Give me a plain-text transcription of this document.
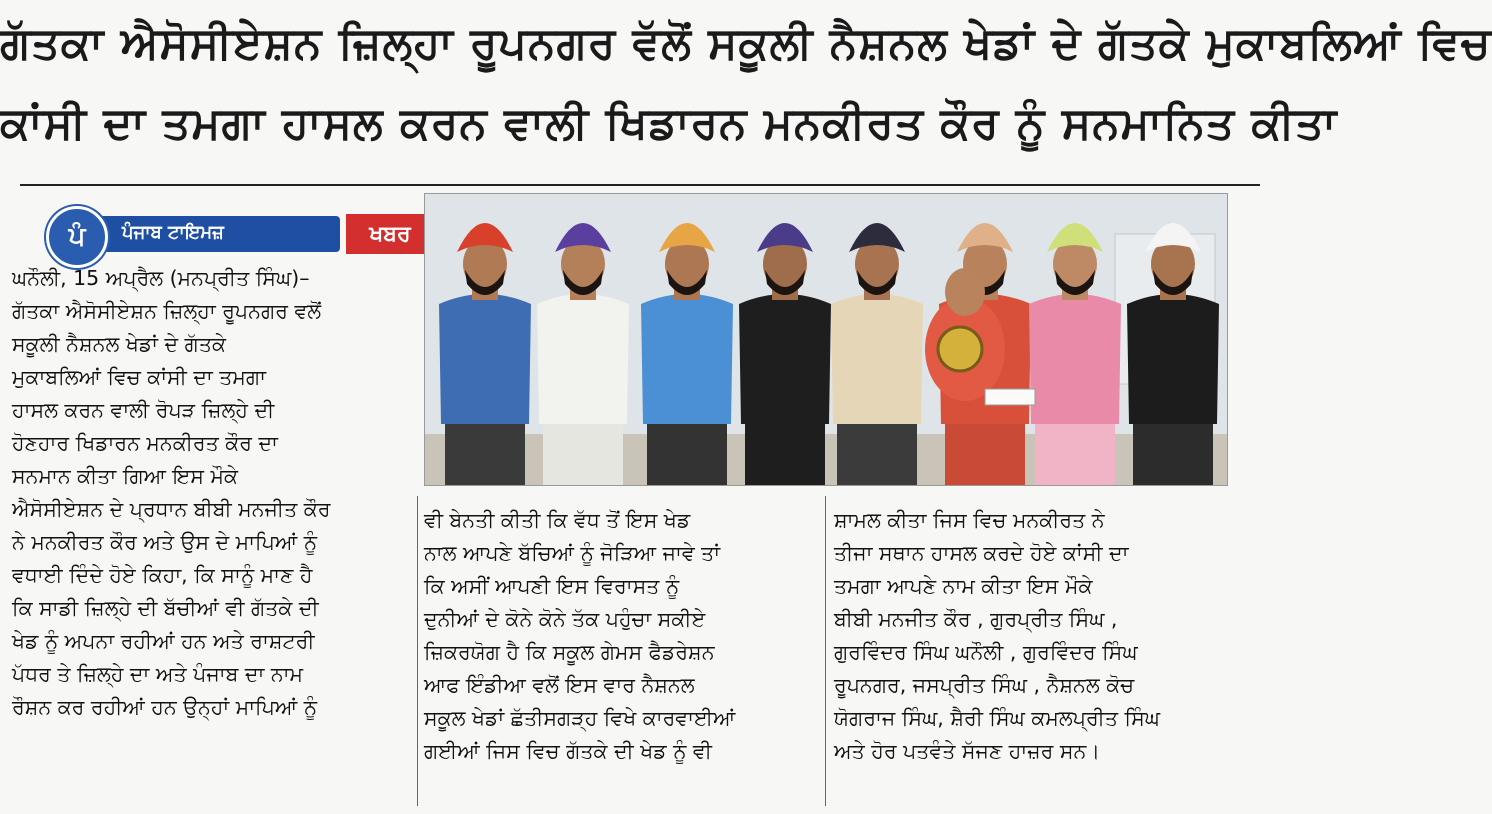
ਗੱਤਕਾ ਐਸੋਸੀਏਸ਼ਨ ਜ਼ਿਲ੍ਹਾ ਰੂਪਨਗਰ ਵੱਲੋਂ ਸਕੂਲੀ ਨੈਸ਼ਨਲ ਖੇਡਾਂ ਦੇ ਗੱਤਕੇ ਮੁਕਾਬਲਿਆਂ ਵਿਚ
ਕਾਂਸੀ ਦਾ ਤਮਗਾ ਹਾਸਲ ਕਰਨ ਵਾਲੀ ਖਿਡਾਰਨ ਮਨਕੀਰਤ ਕੌਰ ਨੂੰ ਸਨਮਾਨਿਤ ਕੀਤਾ
ਪੰਜਾਬ ਟਾਇਮਜ਼
ਪੰ	ਖਬਰ

ਘਨੌਲੀ, 15 ਅਪ੍ਰੈਲ (ਮਨਪ੍ਰੀਤ ਸਿੰਘ)–

ਗੱਤਕਾ ਐਸੋਸੀਏਸ਼ਨ ਜ਼ਿਲ੍ਹਾ ਰੂਪਨਗਰ ਵਲੋਂ

ਸਕੂਲੀ ਨੈਸ਼ਨਲ ਖੇਡਾਂ ਦੇ ਗੱਤਕੇ

ਮੁਕਾਬਲਿਆਂ ਵਿਚ ਕਾਂਸੀ ਦਾ ਤਮਗਾ

ਹਾਸਲ ਕਰਨ ਵਾਲੀ ਰੋਪੜ ਜ਼ਿਲ੍ਹੇ ਦੀ

ਹੋਣਹਾਰ ਖਿਡਾਰਨ ਮਨਕੀਰਤ ਕੌਰ ਦਾ

ਸਨਮਾਨ ਕੀਤਾ ਗਿਆ ਇਸ ਮੌਕੇ

ਐਸੋਸੀਏਸ਼ਨ ਦੇ ਪ੍ਰਧਾਨ ਬੀਬੀ ਮਨਜੀਤ ਕੌਰ

ਨੇ ਮਨਕੀਰਤ ਕੌਰ ਅਤੇ ਉਸ ਦੇ ਮਾਪਿਆਂ ਨੂੰ

ਵਧਾਈ ਦਿੰਦੇ ਹੋਏ ਕਿਹਾ, ਕਿ ਸਾਨੂੰ ਮਾਣ ਹੈ

ਕਿ ਸਾਡੀ ਜ਼ਿਲ੍ਹੇ ਦੀ ਬੱਚੀਆਂ ਵੀ ਗੱਤਕੇ ਦੀ

ਖੇਡ ਨੂੰ ਅਪਨਾ ਰਹੀਆਂ ਹਨ ਅਤੇ ਰਾਸ਼ਟਰੀ

ਪੱਧਰ ਤੇ ਜ਼ਿਲ੍ਹੇ ਦਾ ਅਤੇ ਪੰਜਾਬ ਦਾ ਨਾਮ

ਰੌਸ਼ਨ ਕਰ ਰਹੀਆਂ ਹਨ ਉਨ੍ਹਾਂ ਮਾਪਿਆਂ ਨੂੰ

ਵੀ ਬੇਨਤੀ ਕੀਤੀ ਕਿ ਵੱਧ ਤੋਂ ਇਸ ਖੇਡ

ਨਾਲ ਆਪਣੇ ਬੱਚਿਆਂ ਨੂੰ ਜੋੜਿਆ ਜਾਵੇ ਤਾਂ

ਕਿ ਅਸੀਂ ਆਪਣੀ ਇਸ ਵਿਰਾਸਤ ਨੂੰ

ਦੁਨੀਆਂ ਦੇ ਕੋਨੇ ਕੋਨੇ ਤੱਕ ਪਹੁੰਚਾ ਸਕੀਏ

ਜ਼ਿਕਰਯੋਗ ਹੈ ਕਿ ਸਕੂਲ ਗੇਮਸ ਫੈਡਰੇਸ਼ਨ

ਆਫ ਇੰਡੀਆ ਵਲੋਂ ਇਸ ਵਾਰ ਨੈਸ਼ਨਲ

ਸਕੂਲ ਖੇਡਾਂ ਛੱਤੀਸਗੜ੍ਹ ਵਿਖੇ ਕਾਰਵਾਈਆਂ

ਗਈਆਂ ਜਿਸ ਵਿਚ ਗੱਤਕੇ ਦੀ ਖੇਡ ਨੂੰ ਵੀ

ਸ਼ਾਮਲ ਕੀਤਾ ਜਿਸ ਵਿਚ ਮਨਕੀਰਤ ਨੇ

ਤੀਜਾ ਸਥਾਨ ਹਾਸਲ ਕਰਦੇ ਹੋਏ ਕਾਂਸੀ ਦਾ

ਤਮਗਾ ਆਪਣੇ ਨਾਮ ਕੀਤਾ ਇਸ ਮੌਕੇ

ਬੀਬੀ ਮਨਜੀਤ ਕੌਰ , ਗੁਰਪ੍ਰੀਤ ਸਿੰਘ ,

ਗੁਰਵਿੰਦਰ ਸਿੰਘ ਘਨੌਲੀ , ਗੁਰਵਿੰਦਰ ਸਿੰਘ

ਰੂਪਨਗਰ, ਜਸਪ੍ਰੀਤ ਸਿੰਘ , ਨੈਸ਼ਨਲ ਕੋਚ

ਯੋਗਰਾਜ ਸਿੰਘ, ਸ਼ੈਰੀ ਸਿੰਘ ਕਮਲਪ੍ਰੀਤ ਸਿੰਘ

ਅਤੇ ਹੋਰ ਪਤਵੰਤੇ ਸੱਜਣ ਹਾਜ਼ਰ ਸਨ।
